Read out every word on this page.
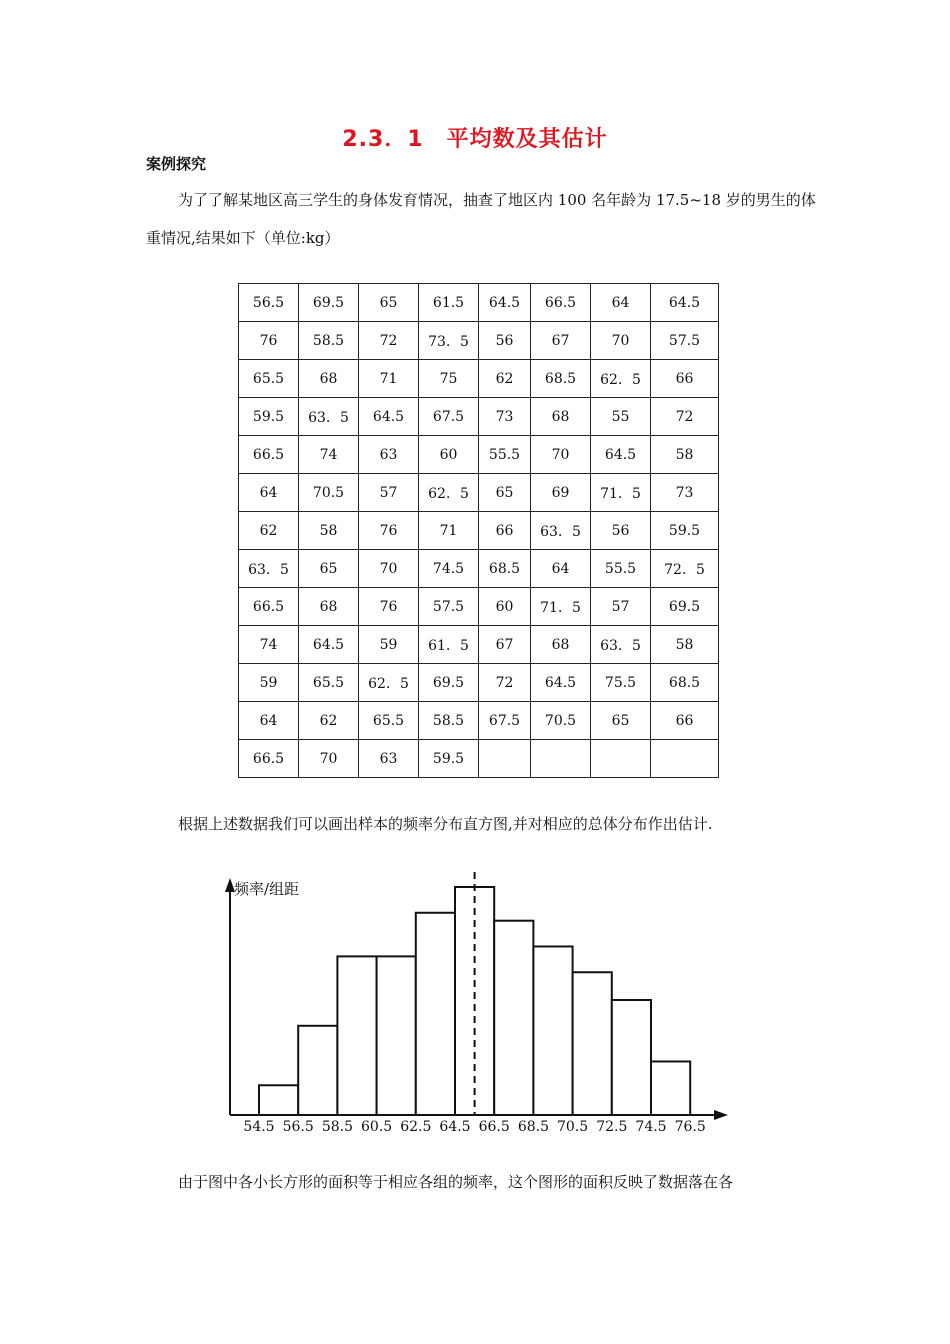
2.3．1　平均数及其估计
案例探究
为了了解某地区高三学生的身体发育情况，抽查了地区内 100 名年龄为 17.5~18 岁的男生的体重情况,结果如下（单位:kg）
56.5	69.5	65	61.5	64.5	66.5	64	64.5
76	58.5	72	73．5	56	67	70	57.5
65.5	68	71	75	62	68.5	62．5	66
59.5	63．5	64.5	67.5	73	68	55	72
66.5	74	63	60	55.5	70	64.5	58
64	70.5	57	62．5	65	69	71．5	73
62	58	76	71	66	63．5	56	59.5
63．5	65	70	74.5	68.5	64	55.5	72．5
66.5	68	76	57.5	60	71．5	57	69.5
74	64.5	59	61．5	67	68	63．5	58
59	65.5	62．5	69.5	72	64.5	75.5	68.5
64	62	65.5	58.5	67.5	70.5	65	66
66.5	70	63	59.5				
根据上述数据我们可以画出样本的频率分布直方图,并对相应的总体分布作出估计.
频率/组距
54.5 56.5 58.5 60.5 62.5 64.5 66.5 68.5 70.5 72.5 74.5 76.5
由于图中各小长方形的面积等于相应各组的频率，这个图形的面积反映了数据落在各
